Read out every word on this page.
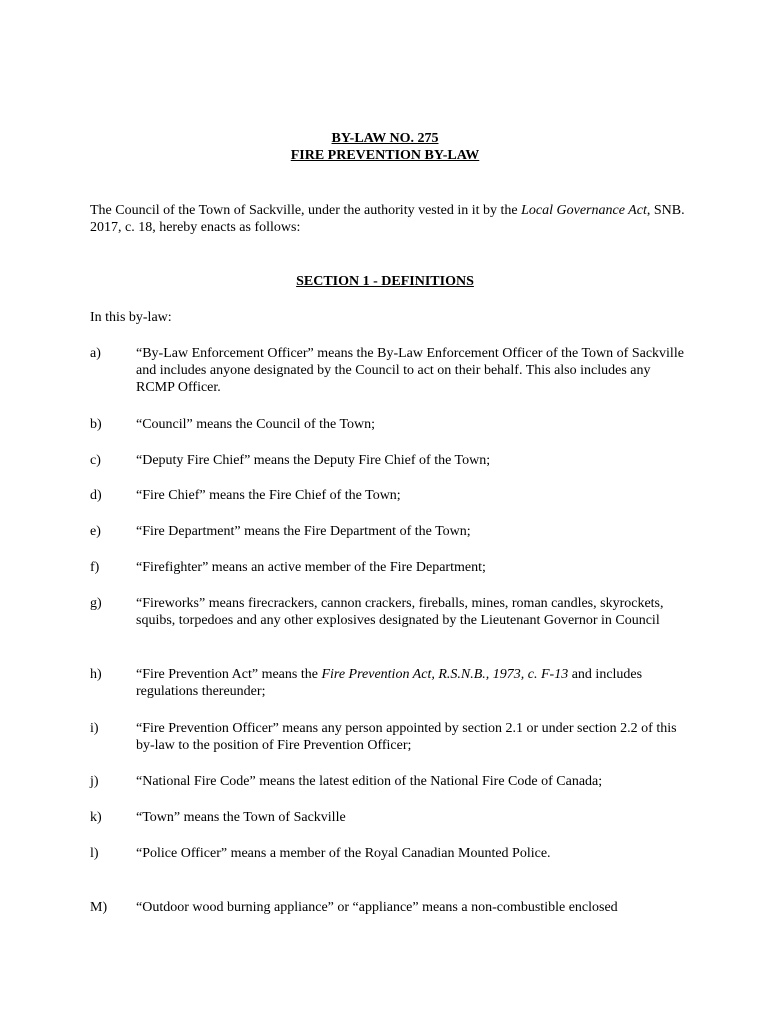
BY-LAW NO. 275
FIRE PREVENTION BY-LAW

The Council of the Town of Sackville, under the authority vested in it by the Local Governance Act, SNB. 2017, c. 18, hereby enacts as follows:

SECTION 1 - DEFINITIONS
In this by-law:
a)	“By-Law Enforcement Officer” means the By-Law Enforcement Officer of the Town of Sackville and includes anyone designated by the Council to act on their behalf. This also includes any RCMP Officer.
b) “Council” means the Council of the Town;
c)	“Deputy Fire Chief” means the Deputy Fire Chief of the Town;
d) “Fire Chief” means the Fire Chief of the Town;
e)	“Fire Department” means the Fire Department of the Town;
f)	“Firefighter” means an active member of the Fire Department;
g) “Fireworks” means firecrackers, cannon crackers, fireballs, mines, roman candles, skyrockets, squibs, torpedoes and any other explosives designated by the Lieutenant Governor in Council
h) “Fire Prevention Act” means the Fire Prevention Act, R.S.N.B., 1973, c. F-13 and includes regulations thereunder;
i)	“Fire Prevention Officer” means any person appointed by section 2.1 or under section 2.2 of this by-law to the position of Fire Prevention Officer;
j)	“National Fire Code” means the latest edition of the National Fire Code of Canada;
k) “Town” means the Town of Sackville
l)	“Police Officer” means a member of the Royal Canadian Mounted Police.
M) “Outdoor wood burning appliance” or “appliance” means a non-combustible enclosed
